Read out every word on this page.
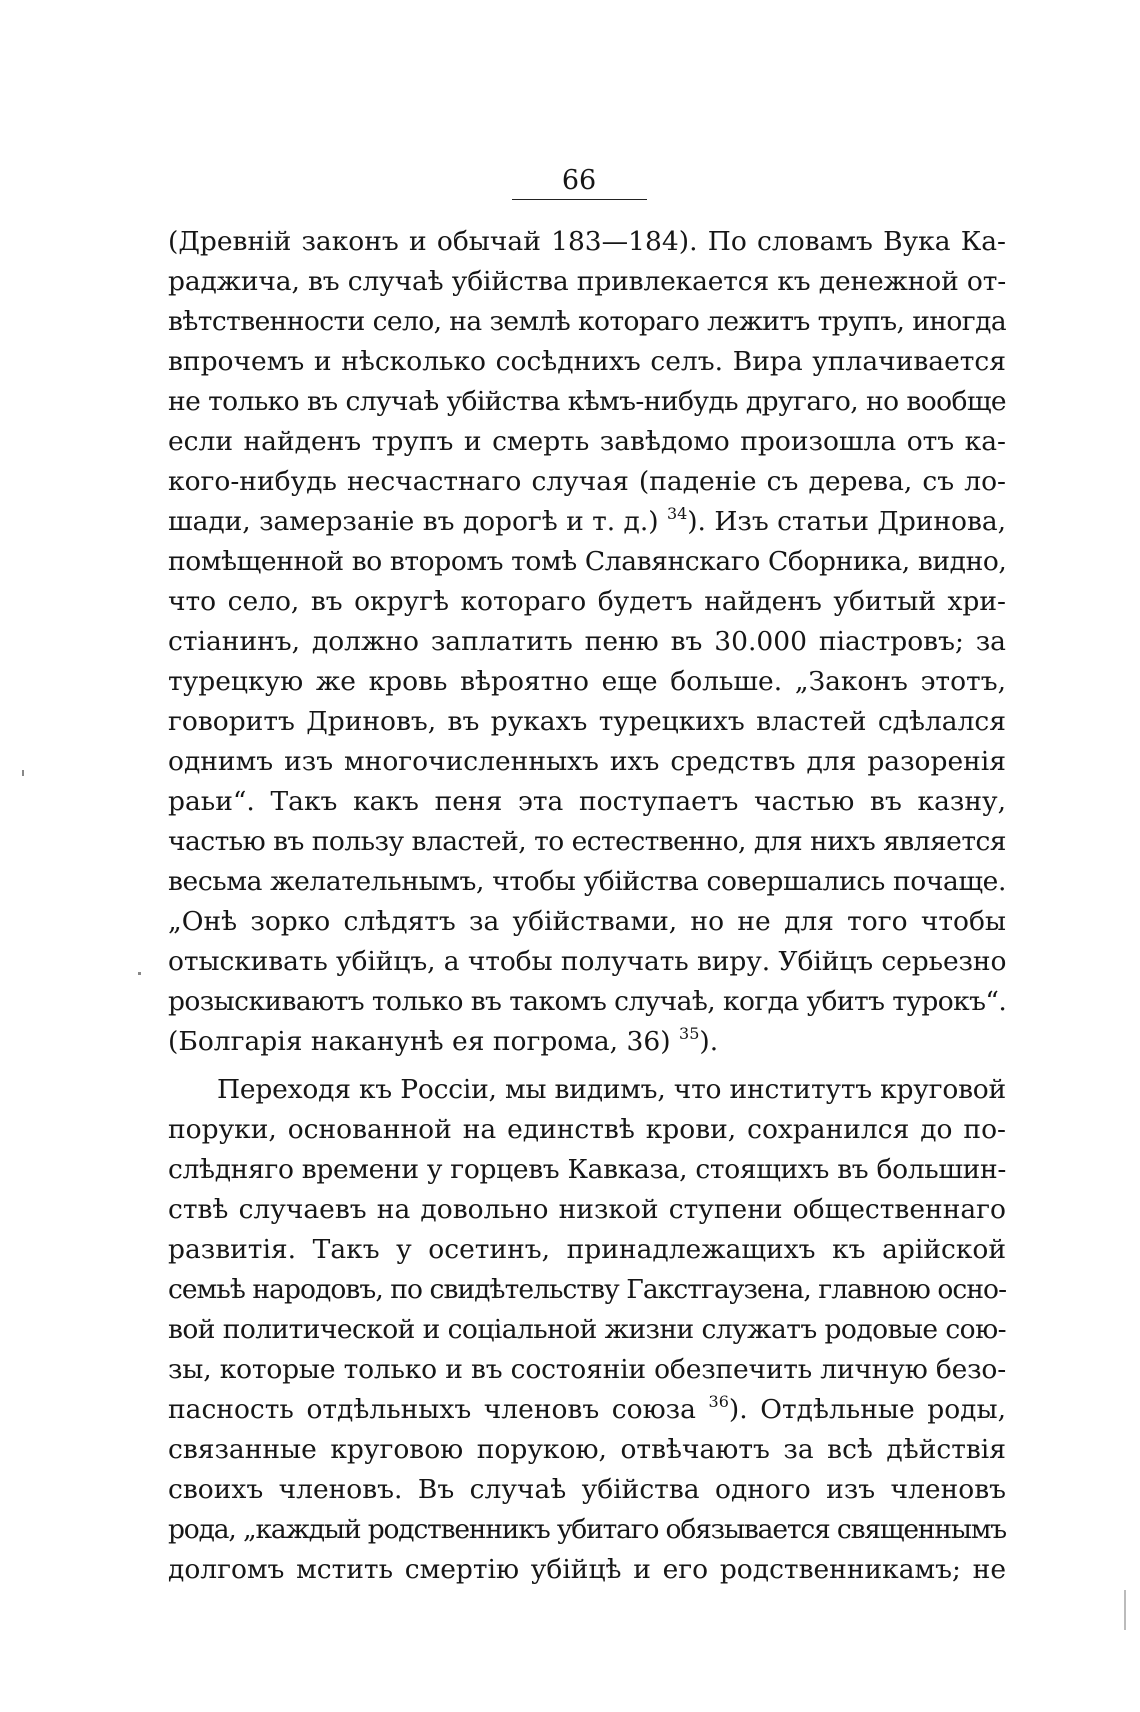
66
(Древній законъ и обычай 183—184). По словамъ Вука Ка-
раджича, въ случаѣ убійства привлекается къ денежной от-
вѣтственности село, на землѣ котораго лежитъ трупъ, иногда
впрочемъ и нѣсколько сосѣднихъ селъ. Вира уплачивается
не только въ случаѣ убійства кѣмъ-нибудь другаго, но вообще
если найденъ трупъ и смерть завѣдомо произошла отъ ка-
кого-нибудь несчастнаго случая (паденіе съ дерева, съ ло-
шади, замерзаніе въ дорогѣ и т. д.) $^{34}$). Изъ статьи Дринова,
помѣщенной во второмъ томѣ Славянскаго Сборника, видно,
что село, въ округѣ котораго будетъ найденъ убитый хри-
стіанинъ, должно заплатить пеню въ 30.000 піастровъ; за
турецкую же кровь вѣроятно еще больше. „Законъ этотъ,
говоритъ Дриновъ, въ рукахъ турецкихъ властей сдѣлался
однимъ изъ многочисленныхъ ихъ средствъ для разоренія
раьи“. Такъ какъ пеня эта поступаетъ частью въ казну,
частью въ пользу властей, то естественно, для нихъ является
весьма желательнымъ, чтобы убійства совершались почаще.
„Онѣ зорко слѣдятъ за убійствами, но не для того чтобы
отыскивать убійцъ, а чтобы получать виру. Убійцъ серьезно
розыскиваютъ только въ такомъ случаѣ, когда убитъ турокъ“.
(Болгарія наканунѣ ея погрома, 36) $^{35}$).
Переходя къ Россіи, мы видимъ, что институтъ круговой
поруки, основанной на единствѣ крови, сохранился до по-
слѣдняго времени у горцевъ Кавказа, стоящихъ въ большин-
ствѣ случаевъ на довольно низкой ступени общественнаго
развитія. Такъ у осетинъ, принадлежащихъ къ арійской
семьѣ народовъ, по свидѣтельству Гакстгаузена, главною осно-
вой политической и соціальной жизни служатъ родовые сою-
зы, которые только и въ состояніи обезпечить личную безо-
пасность отдѣльныхъ членовъ союза $^{36}$). Отдѣльные роды,
связанные круговою порукою, отвѣчаютъ за всѣ дѣйствія
своихъ членовъ. Въ случаѣ убійства одного изъ членовъ
рода, „каждый родственникъ убитаго обязывается священнымъ
долгомъ мстить смертію убійцѣ и его родственникамъ; не
